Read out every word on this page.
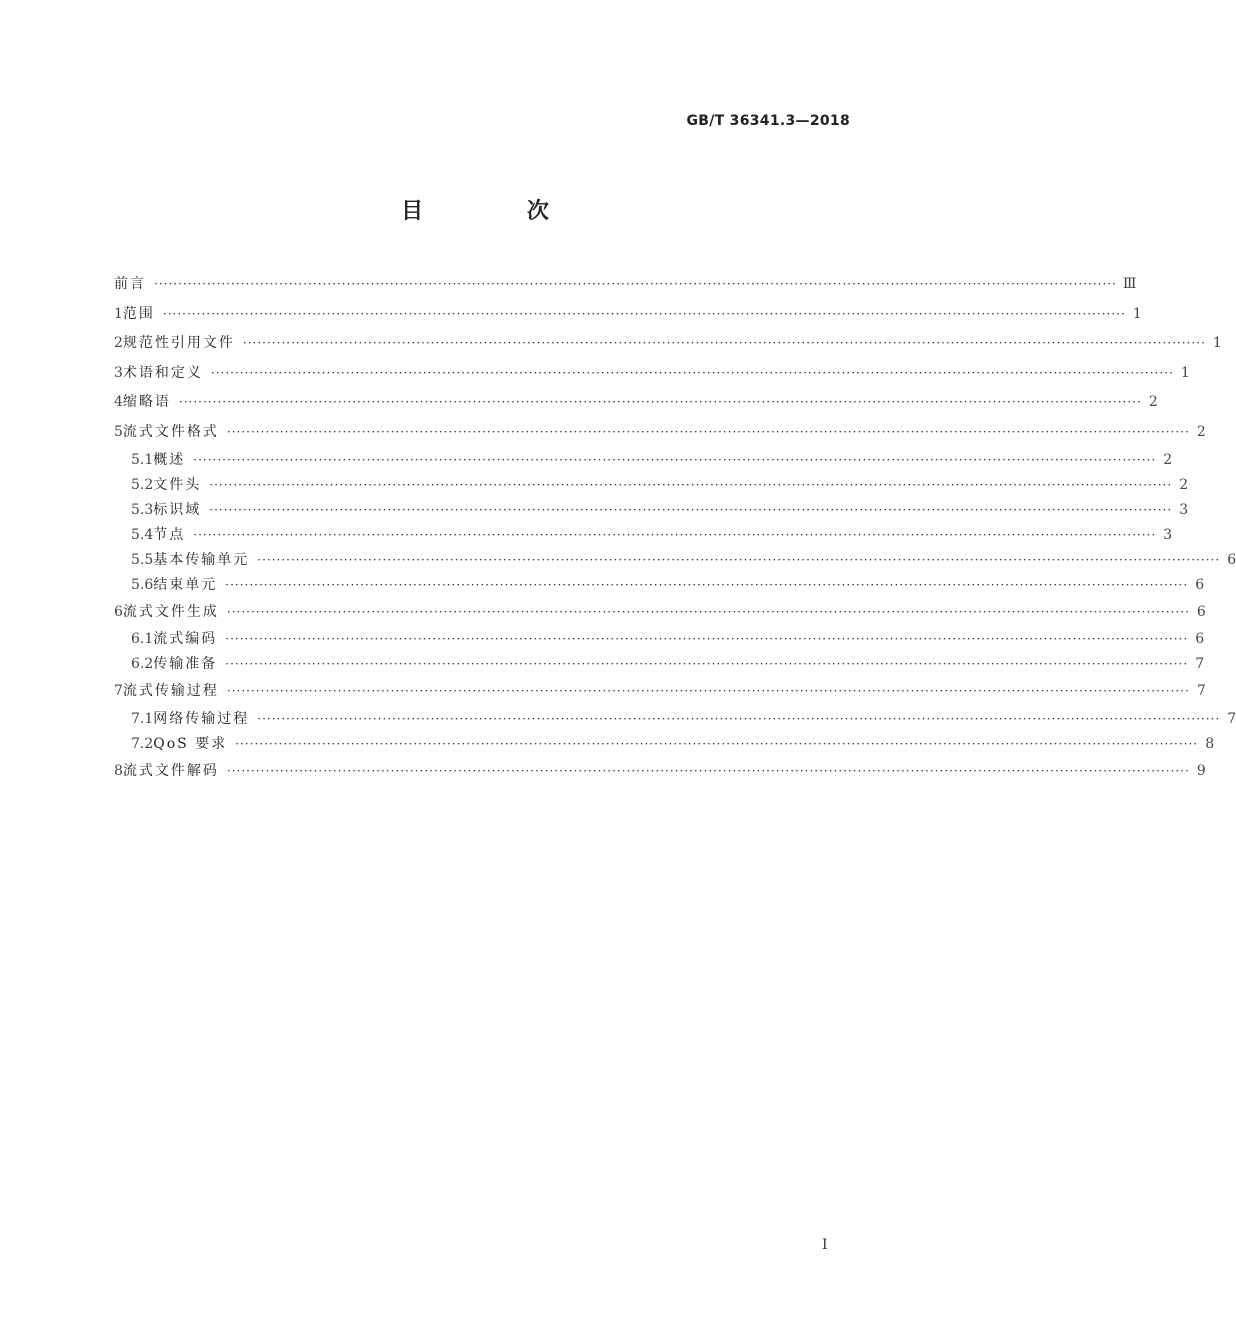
GB/T 36341.3—2018
目 次
前言 ········································································································································································································ Ⅲ
1 范围 ········································································································································································································ 1
2 规范性引用文件 ········································································································································································································ 1
3 术语和定义 ········································································································································································································ 1
4 缩略语 ········································································································································································································ 2
5 流式文件格式 ········································································································································································································ 2
5.1 概述 ········································································································································································································ 2
5.2 文件头 ········································································································································································································ 2
5.3 标识域 ········································································································································································································ 3
5.4 节点 ········································································································································································································ 3
5.5 基本传输单元 ········································································································································································································ 6
5.6 结束单元 ········································································································································································································ 6
6 流式文件生成 ········································································································································································································ 6
6.1 流式编码 ········································································································································································································ 6
6.2 传输准备 ········································································································································································································ 7
7 流式传输过程 ········································································································································································································ 7
7.1 网络传输过程 ········································································································································································································ 7
7.2 QoS 要求 ········································································································································································································ 8
8 流式文件解码 ········································································································································································································ 9
Ⅰ
